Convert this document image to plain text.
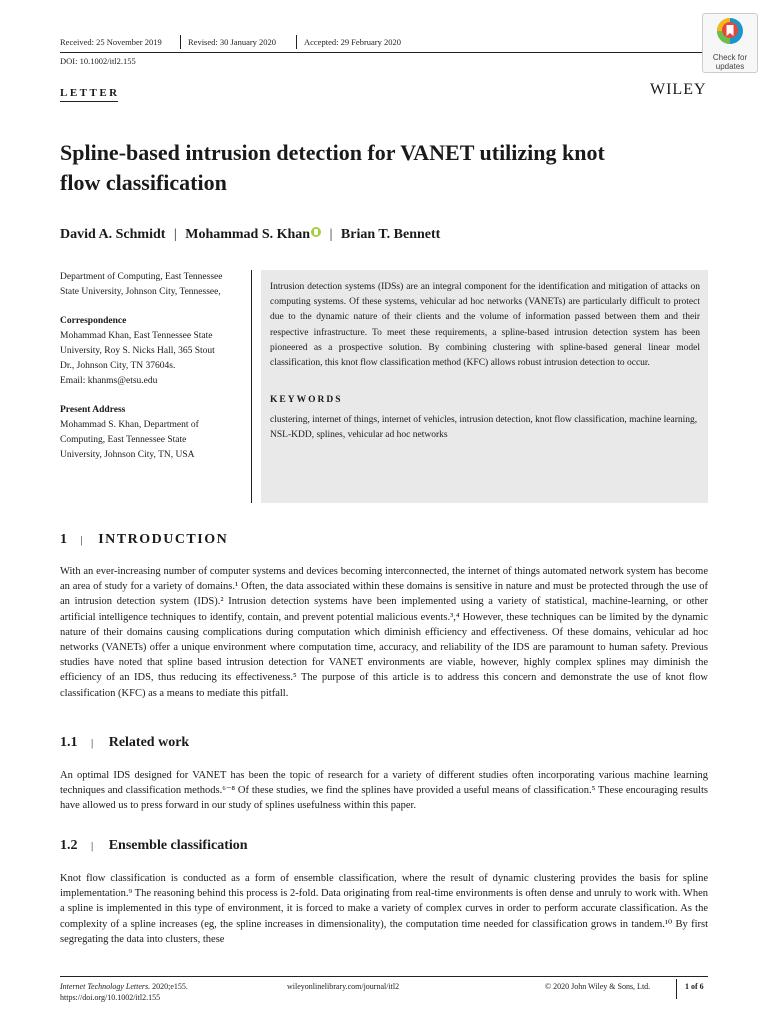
Received: 25 November 2019	Revised: 30 January 2020	Accepted: 29 February 2020
DOI: 10.1002/itl2.155	Check for
updates
LETTER	WILEY
Spline-based intrusion detection for VANET utilizing knot
flow classification
David A. Schmidt | Mohammad S. Khan | Brian T. Bennett
Department of Computing, East Tennessee
State University, Johnson City, Tennessee,
Correspondence
Mohammad Khan, East Tennessee State
University, Roy S. Nicks Hall, 365 Stout
Dr., Johnson City, TN 37604s.
Email: khanms@etsu.edu
Present Address
Mohammad S. Khan, Department of
Computing, East Tennessee State
University, Johnson City, TN, USA
Intrusion detection systems (IDSs) are an integral component for the identification and mitigation of attacks on computing systems. Of these systems, vehicular ad hoc networks (VANETs) are particularly difficult to protect due to the dynamic nature of their clients and the volume of information passed between them and their respective infrastructure. To meet these requirements, a spline-based intrusion detection system has been pioneered as a prospective solution. By combining clustering with spline-based general linear model classification, this knot flow classification method (KFC) allows robust intrusion detection to occur.
KEYWORDS
clustering, internet of things, internet of vehicles, intrusion detection, knot flow classification, machine learning, NSL-KDD, splines, vehicular ad hoc networks
1 | INTRODUCTION
With an ever-increasing number of computer systems and devices becoming interconnected, the internet of things automated network system has become an area of study for a variety of domains.¹ Often, the data associated within these domains is sensitive in nature and must be protected through the use of an intrusion detection system (IDS).² Intrusion detection systems have been implemented using a variety of statistical, machine-learning, or other artificial intelligence techniques to identify, contain, and prevent potential malicious events.³,⁴ However, these techniques can be limited by the dynamic nature of their domains causing complications during computation which diminish efficiency and effectiveness. Of these domains, vehicular ad hoc networks (VANETs) offer a unique environment where computation time, accuracy, and reliability of the IDS are paramount to human safety. Previous studies have noted that spline based intrusion detection for VANET environments are viable, however, highly complex splines may diminish the efficiency of an IDS, thus reducing its effectiveness.⁵ The purpose of this article is to address this concern and demonstrate the use of knot flow classification (KFC) as a means to mediate this pitfall.
1.1 | Related work
An optimal IDS designed for VANET has been the topic of research for a variety of different studies often incorporating various machine learning techniques and classification methods.⁶⁻⁸ Of these studies, we find the splines have provided a useful means of classification.⁵ These encouraging results have allowed us to press forward in our study of splines usefulness within this paper.
1.2 | Ensemble classification
Knot flow classification is conducted as a form of ensemble classification, where the result of dynamic clustering provides the basis for spline implementation.⁹ The reasoning behind this process is 2-fold. Data originating from real-time environments is often dense and unruly to work with. When a spline is implemented in this type of environment, it is forced to make a variety of complex curves in order to perform accurate classification. As the complexity of a spline increases (eg, the spline increases in dimensionality), the computation time needed for classification grows in tandem.¹⁰ By first segregating the data into clusters, these
Internet Technology Letters. 2020;e155.
https://doi.org/10.1002/itl2.155
wileyonlinelibrary.com/journal/itl2	© 2020 John Wiley & Sons, Ltd.	1 of 6
